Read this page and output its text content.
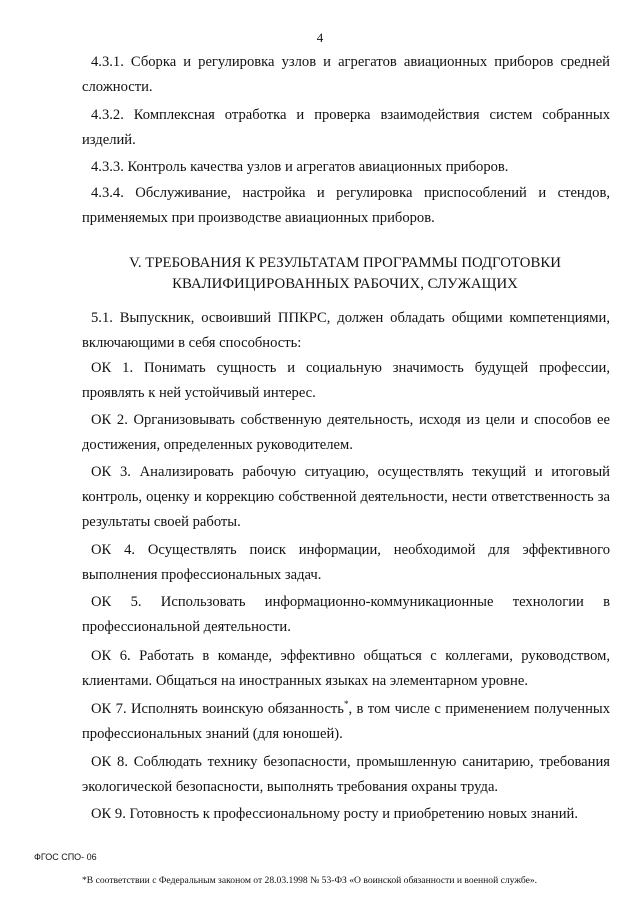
4

4.3.1. Сборка и регулировка узлов и агрегатов авиационных приборов средней сложности.

4.3.2. Комплексная отработка и проверка взаимодействия систем собранных изделий.

4.3.3. Контроль качества узлов и агрегатов авиационных приборов.

4.3.4. Обслуживание, настройка и регулировка приспособлений и стендов, применяемых при производстве авиационных приборов.

V. ТРЕБОВАНИЯ К РЕЗУЛЬТАТАМ ПРОГРАММЫ ПОДГОТОВКИ
КВАЛИФИЦИРОВАННЫХ РАБОЧИХ, СЛУЖАЩИХ

5.1. Выпускник, освоивший ППКРС, должен обладать общими компетенциями, включающими в себя способность:

ОК 1. Понимать сущность и социальную значимость будущей профессии, проявлять к ней устойчивый интерес.

ОК 2. Организовывать собственную деятельность, исходя из цели и способов ее достижения, определенных руководителем.

ОК 3. Анализировать рабочую ситуацию, осуществлять текущий и итоговый контроль, оценку и коррекцию собственной деятельности, нести ответственность за результаты своей работы.

ОК 4. Осуществлять поиск информации, необходимой для эффективного выполнения профессиональных задач.

ОК 5. Использовать информационно-коммуникационные технологии в профессиональной деятельности.

ОК 6. Работать в команде, эффективно общаться с коллегами, руководством, клиентами. Общаться на иностранных языках на элементарном уровне.

ОК 7. Исполнять воинскую обязанность*, в том числе с применением полученных профессиональных знаний (для юношей).

ОК 8. Соблюдать технику безопасности, промышленную санитарию, требования экологической безопасности, выполнять требования охраны труда.

ОК 9. Готовность к профессиональному росту и приобретению новых знаний.

ФГОС СПО- 06
*В соответствии с Федеральным законом от 28.03.1998 № 53-ФЗ «О воинской обязанности и военной службе».
